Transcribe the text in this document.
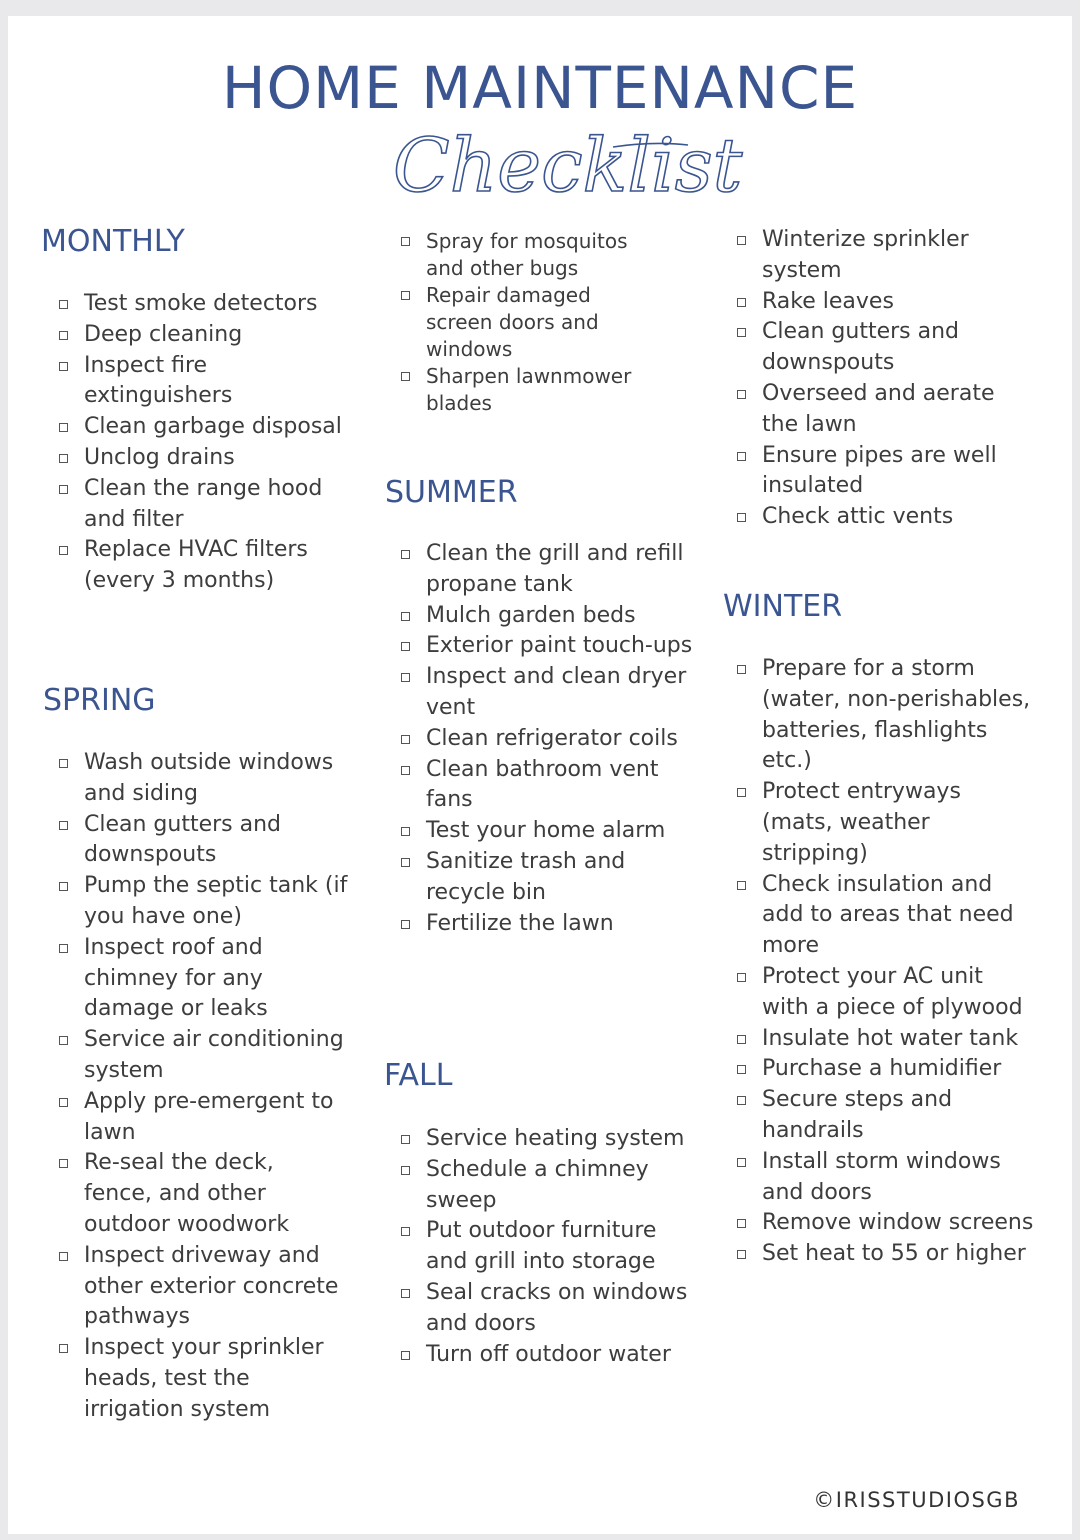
HOME MAINTENANCE
Checklist
MONTHLY
Test smoke detectors
Deep cleaning
Inspect fire extinguishers
Clean garbage disposal
Unclog drains
Clean the range hood and filter
Replace HVAC filters (every 3 months)
SPRING
Wash outside windows and siding
Clean gutters and downspouts
Pump the septic tank (if you have one)
Inspect roof and chimney for any damage or leaks
Service air conditioning system
Apply pre-emergent to lawn
Re-seal the deck, fence, and other outdoor woodwork
Inspect driveway and other exterior concrete pathways
Inspect your sprinkler heads, test the irrigation system
Spray for mosquitos and other bugs
Repair damaged screen doors and windows
Sharpen lawnmower blades
SUMMER
Clean the grill and refill propane tank
Mulch garden beds
Exterior paint touch-ups
Inspect and clean dryer vent
Clean refrigerator coils
Clean bathroom vent fans
Test your home alarm
Sanitize trash and recycle bin
Fertilize the lawn
FALL
Service heating system
Schedule a chimney sweep
Put outdoor furniture and grill into storage
Seal cracks on windows and doors
Turn off outdoor water
Winterize sprinkler system
Rake leaves
Clean gutters and downspouts
Overseed and aerate the lawn
Ensure pipes are well insulated
Check attic vents
WINTER
Prepare for a storm (water, non-perishables, batteries, flashlights etc.)
Protect entryways (mats, weather stripping)
Check insulation and add to areas that need more
Protect your AC unit with a piece of plywood
Insulate hot water tank
Purchase a humidifier
Secure steps and handrails
Install storm windows and doors
Remove window screens
Set heat to 55 or higher
©IRISSTUDIOSGB
